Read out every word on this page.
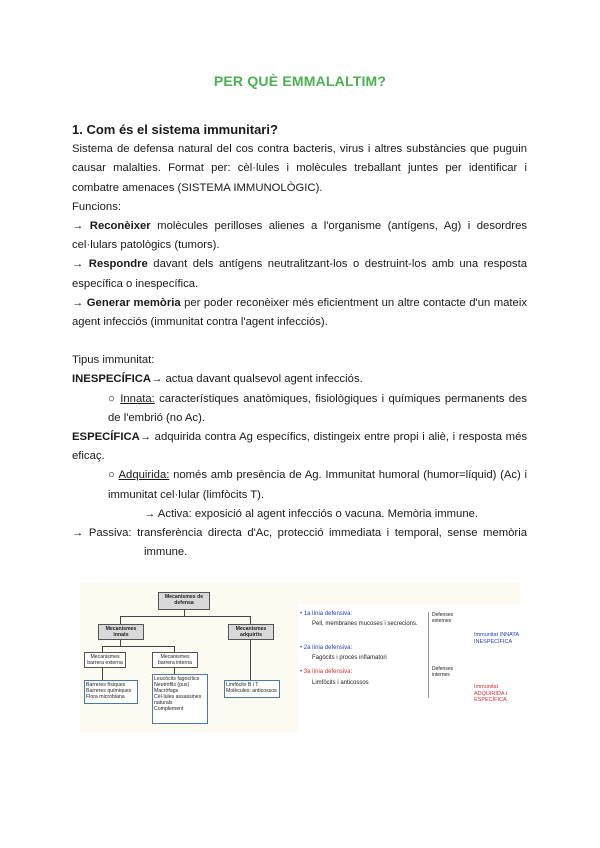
PER QUÈ EMMALALTIM?
1. Com és el sistema immunitari?

Sistema de defensa natural del cos contra bacteris, virus i altres substàncies que puguin causar malalties. Format per: cèl·lules i molècules treballant juntes per identificar i combatre amenaces (SISTEMA IMMUNOLÒGIC).

Funcions:

→ Reconèixer molècules perilloses alienes a l'organisme (antígens, Ag) i desordres cel·lulars patològics (tumors).

→ Respondre davant dels antígens neutralitzant-los o destruint-los amb una resposta específica o inespecífica.

→ Generar memòria per poder reconèixer més eficientment un altre contacte d'un mateix agent infecciós (immunitat contra l'agent infecciós).

Tipus immunitat:

INESPECÍFICA→ actua davant qualsevol agent infecciós.

○ Innata: característiques anatòmiques, fisiològiques i químiques permanents des de l'embrió (no Ac).

ESPECÍFICA→ adquirida contra Ag específics, distingeix entre propi i aliè, i resposta més eficaç.

○ Adquirida: només amb presència de Ag. Immunitat humoral (humor=líquid) (Ac) i immunitat cel·lular (limfòcits T).

→ Activa: exposició al agent infecciós o vacuna. Memòria immune.

→ Passiva: transferència directa d'Ac, protecció immediata i temporal, sense memòria immune.

Mecanismes de defensa
Mecanismes innats
Mecanismes adquirits
Mecanismes barrera externa
Mecanismes barrera interna
Barreres físiques
Barreres químiques
Flora microbiana
Leucòcits fagocítics
Neutròfils (pus)
Macròfags
Cèl·lules assassines naturals
Complement
Limfòcits B i T
Molècules: anticossos
• 1a línia defensiva:
Pell, membranes mucoses i secrecions.
• 2a línia defensiva:
Fagòcits i procés inflamatori
• 3a línia defensiva:
Limfòcits i anticossos
Defenses externes
Defenses internes
Immunitat INNATA INESPECÍFICA
Immunitat ADQUIRIDA i ESPECÍFICA
